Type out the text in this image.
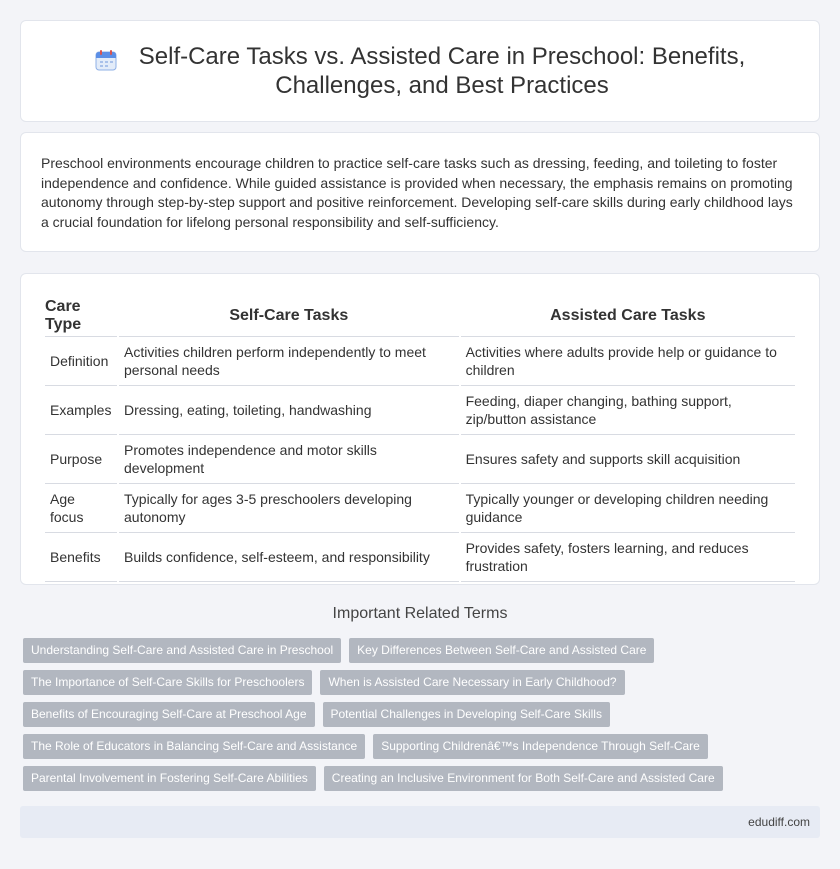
Self-Care Tasks vs. Assisted Care in Preschool: Benefits,
Challenges, and Best Practices

Preschool environments encourage children to practice self-care tasks such as dressing, feeding, and toileting to foster independence and confidence. While guided assistance is provided when necessary, the emphasis remains on promoting autonomy through step-by-step support and positive reinforcement. Developing self-care skills during early childhood lays a crucial foundation for lifelong personal responsibility and self-sufficiency.

Care Type	Self-Care Tasks	Assisted Care Tasks
Definition	Activities children perform independently to meet personal needs	Activities where adults provide help or guidance to children
Examples	Dressing, eating, toileting, handwashing	Feeding, diaper changing, bathing support, zip/button assistance
Purpose	Promotes independence and motor skills development	Ensures safety and supports skill acquisition
Age focus	Typically for ages 3-5 preschoolers developing autonomy	Typically younger or developing children needing guidance
Benefits	Builds confidence, self-esteem, and responsibility	Provides safety, fosters learning, and reduces frustration
Important Related Terms
Understanding Self-Care and Assisted Care in Preschool	Key Differences Between Self-Care and Assisted Care
The Importance of Self-Care Skills for Preschoolers	When is Assisted Care Necessary in Early Childhood?
Benefits of Encouraging Self-Care at Preschool Age	Potential Challenges in Developing Self-Care Skills
The Role of Educators in Balancing Self-Care and Assistance	Supporting Childrenâ€™s Independence Through Self-Care
Parental Involvement in Fostering Self-Care Abilities	Creating an Inclusive Environment for Both Self-Care and Assisted Care
edudiff.com
